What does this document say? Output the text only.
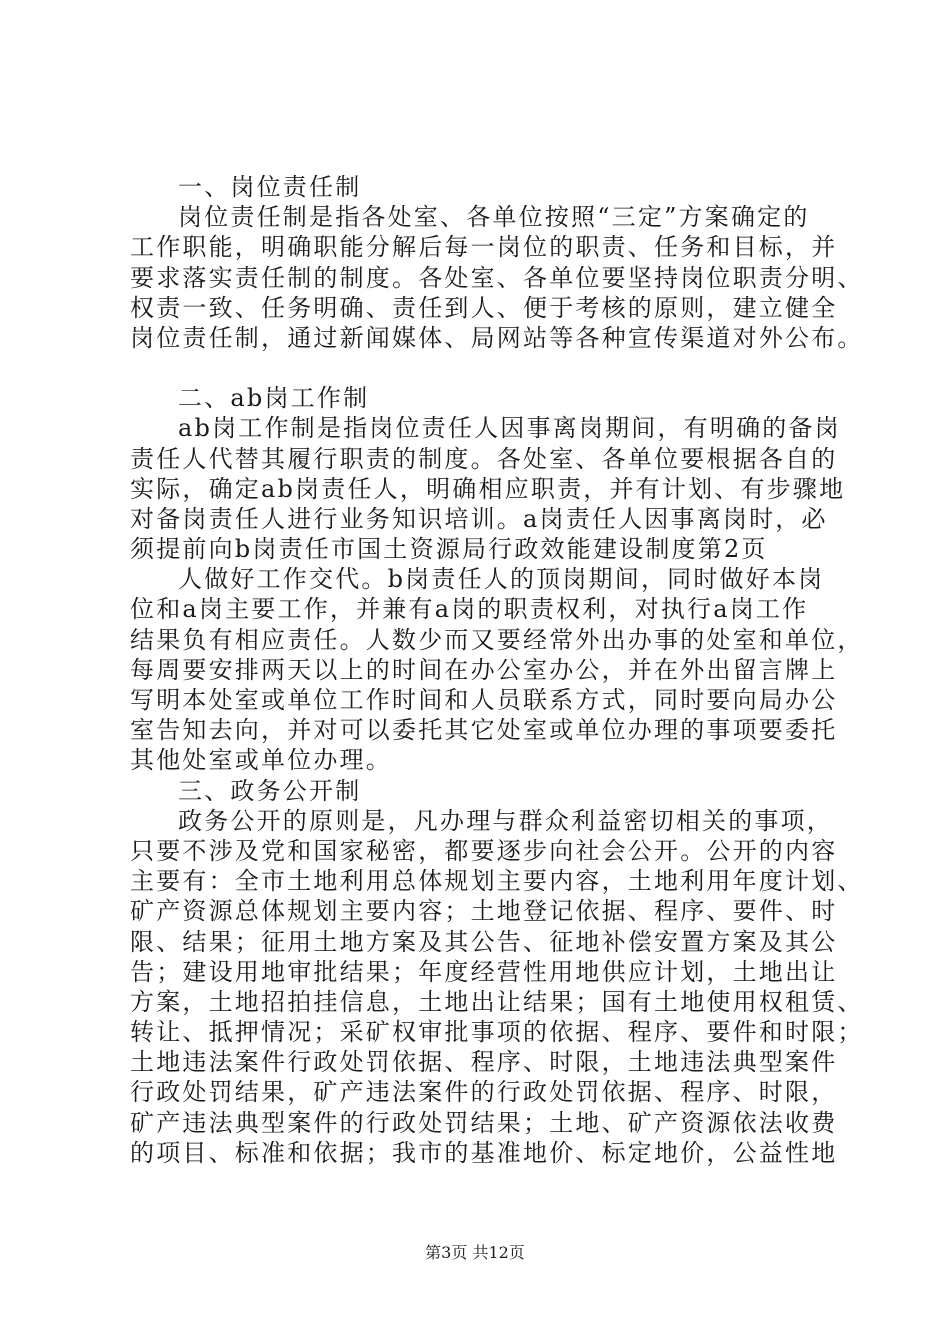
一、岗位责任制
岗位责任制是指各处室、各单位按照“三定”方案确定的
工作职能，明确职能分解后每一岗位的职责、任务和目标，并
要求落实责任制的制度。各处室、各单位要坚持岗位职责分明、
权责一致、任务明确、责任到人、便于考核的原则，建立健全
岗位责任制，通过新闻媒体、局网站等各种宣传渠道对外公布。
二、ab岗工作制
ab岗工作制是指岗位责任人因事离岗期间，有明确的备岗
责任人代替其履行职责的制度。各处室、各单位要根据各自的
实际，确定ab岗责任人，明确相应职责，并有计划、有步骤地
对备岗责任人进行业务知识培训。a岗责任人因事离岗时，必
须提前向b岗责任市国土资源局行政效能建设制度第2页
人做好工作交代。b岗责任人的顶岗期间，同时做好本岗
位和a岗主要工作，并兼有a岗的职责权利，对执行a岗工作
结果负有相应责任。人数少而又要经常外出办事的处室和单位，
每周要安排两天以上的时间在办公室办公，并在外出留言牌上
写明本处室或单位工作时间和人员联系方式，同时要向局办公
室告知去向，并对可以委托其它处室或单位办理的事项要委托
其他处室或单位办理。
三、政务公开制
政务公开的原则是，凡办理与群众利益密切相关的事项，
只要不涉及党和国家秘密，都要逐步向社会公开。公开的内容
主要有：全市土地利用总体规划主要内容，土地利用年度计划、
矿产资源总体规划主要内容；土地登记依据、程序、要件、时
限、结果；征用土地方案及其公告、征地补偿安置方案及其公
告；建设用地审批结果；年度经营性用地供应计划，土地出让
方案，土地招拍挂信息，土地出让结果；国有土地使用权租赁、
转让、抵押情况；采矿权审批事项的依据、程序、要件和时限；
土地违法案件行政处罚依据、程序、时限，土地违法典型案件
行政处罚结果，矿产违法案件的行政处罚依据、程序、时限，
矿产违法典型案件的行政处罚结果；土地、矿产资源依法收费
的项目、标准和依据；我市的基准地价、标定地价，公益性地
第3页 共12页
